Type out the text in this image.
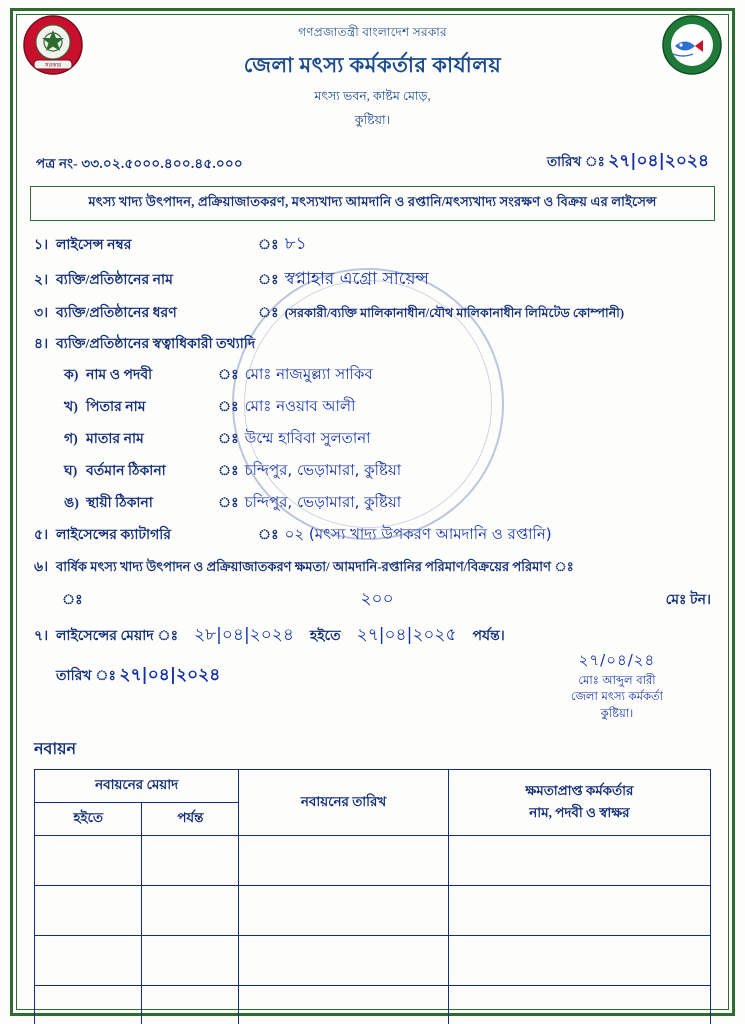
সরকার
গণপ্রজাতন্ত্রী বাংলাদেশ সরকার
জেলা মৎস্য কর্মকর্তার কার্যালয়
মৎস্য ভবন, কাষ্টম মোড়,
কুষ্টিয়া।
পত্র নং- ৩৩.০২.৫০০০.৪০০.৪৫.০০০	তারিখ ঃ ২৭|০৪|২০২৪
মৎস্য খাদ্য উৎপাদন, প্রক্রিয়াজাতকরণ, মৎস্যখাদ্য আমদানি ও রপ্তানি/মৎস্যখাদ্য সংরক্ষণ ও বিক্রয় এর লাইসেন্স
১। লাইসেন্স নম্বর	ঃ ৮১
২। ব্যক্তি/প্রতিষ্ঠানের নাম	ঃ স্বপ্নাহার এগ্রো সায়েন্স
৩। ব্যক্তি/প্রতিষ্ঠানের ধরণ	ঃ (সরকারী/ব্যক্তি মালিকানাধীন/যৌথ মালিকানাধীন লিমিটেড কোম্পানী)
৪। ব্যক্তি/প্রতিষ্ঠানের স্বত্বাধিকারী তথ্যাদি
ক) নাম ও পদবী	ঃ মোঃ নাজমুল্ল্যা সাকিব
খ) পিতার নাম	ঃ মোঃ নওয়াব আলী
গ) মাতার নাম	ঃ উম্মে হাবিবা সুলতানা
ঘ) বর্তমান ঠিকানা	ঃ চন্দিপুর, ভেড়ামারা, কুষ্টিয়া
ঙ) স্থায়ী ঠিকানা	ঃ চন্দিপুর, ভেড়ামারা, কুষ্টিয়া
৫। লাইসেন্সের ক্যাটাগরি	ঃ ০২ (মৎস্য খাদ্য উপকরণ আমদানি ও রপ্তানি)
৬। বার্ষিক মৎস্য খাদ্য উৎপাদন ও প্রক্রিয়াজাতকরণ ক্ষমতা/ আমদানি-রপ্তানির পরিমাণ/বিক্রয়ের পরিমাণ ঃ
ঃ	২০০	মেঃ টন।
৭। লাইসেন্সের মেয়াদ ঃ ২৮|০৪|২০২৪ হইতে ২৭|০৪|২০২৫ পর্যন্ত।
তারিখ ঃ ২৭|০৪|২০২৪
২৭/০৪/২৪
মোঃ আব্দুল বারী
জেলা মৎস্য কর্মকর্তা
কুষ্টিয়া।
নবায়ন
নবায়নের মেয়াদ		নবায়নের তারিখ	ক্ষমতাপ্রাপ্ত কর্মকর্তার
নাম, পদবী ও স্বাক্ষর

হইতে	পর্যন্ত		
